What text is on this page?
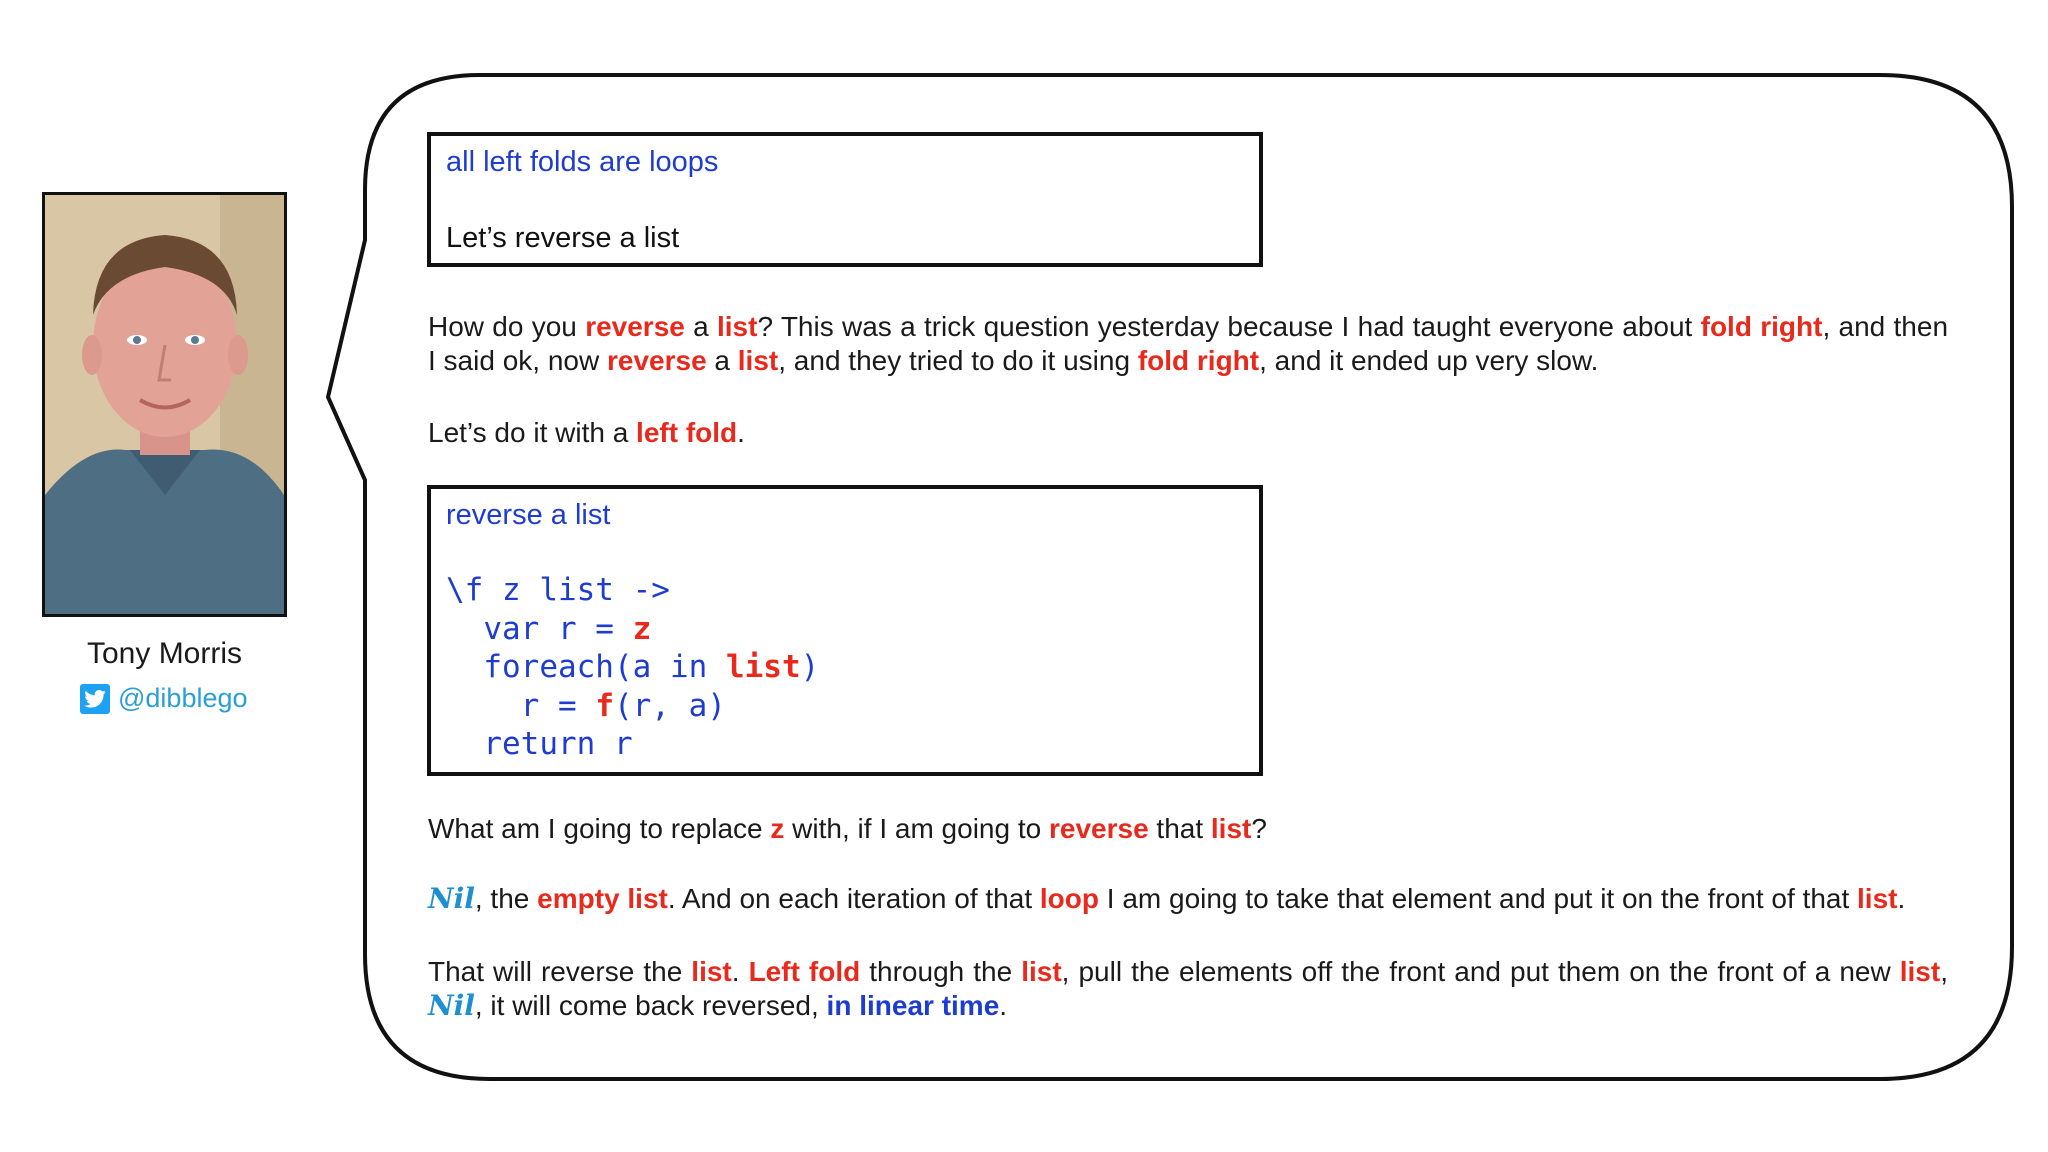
Tony Morris
@dibblego
all left folds are loops
Let’s reverse a list
How do you reverse a list? This was a trick question yesterday because I had taught everyone about fold right, and then I said ok, now reverse a list, and they tried to do it using fold right, and it ended up very slow.
Let’s do it with a left fold.
reverse a list
\f z list ->
var r = z
foreach(a in list)
r = f(r, a)
return r
What am I going to replace z with, if I am going to reverse that list?
Nil, the empty list. And on each iteration of that loop I am going to take that element and put it on the front of that list.
That will reverse the list. Left fold through the list, pull the elements off the front and put them on the front of a new list, Nil, it will come back reversed, in linear time.
